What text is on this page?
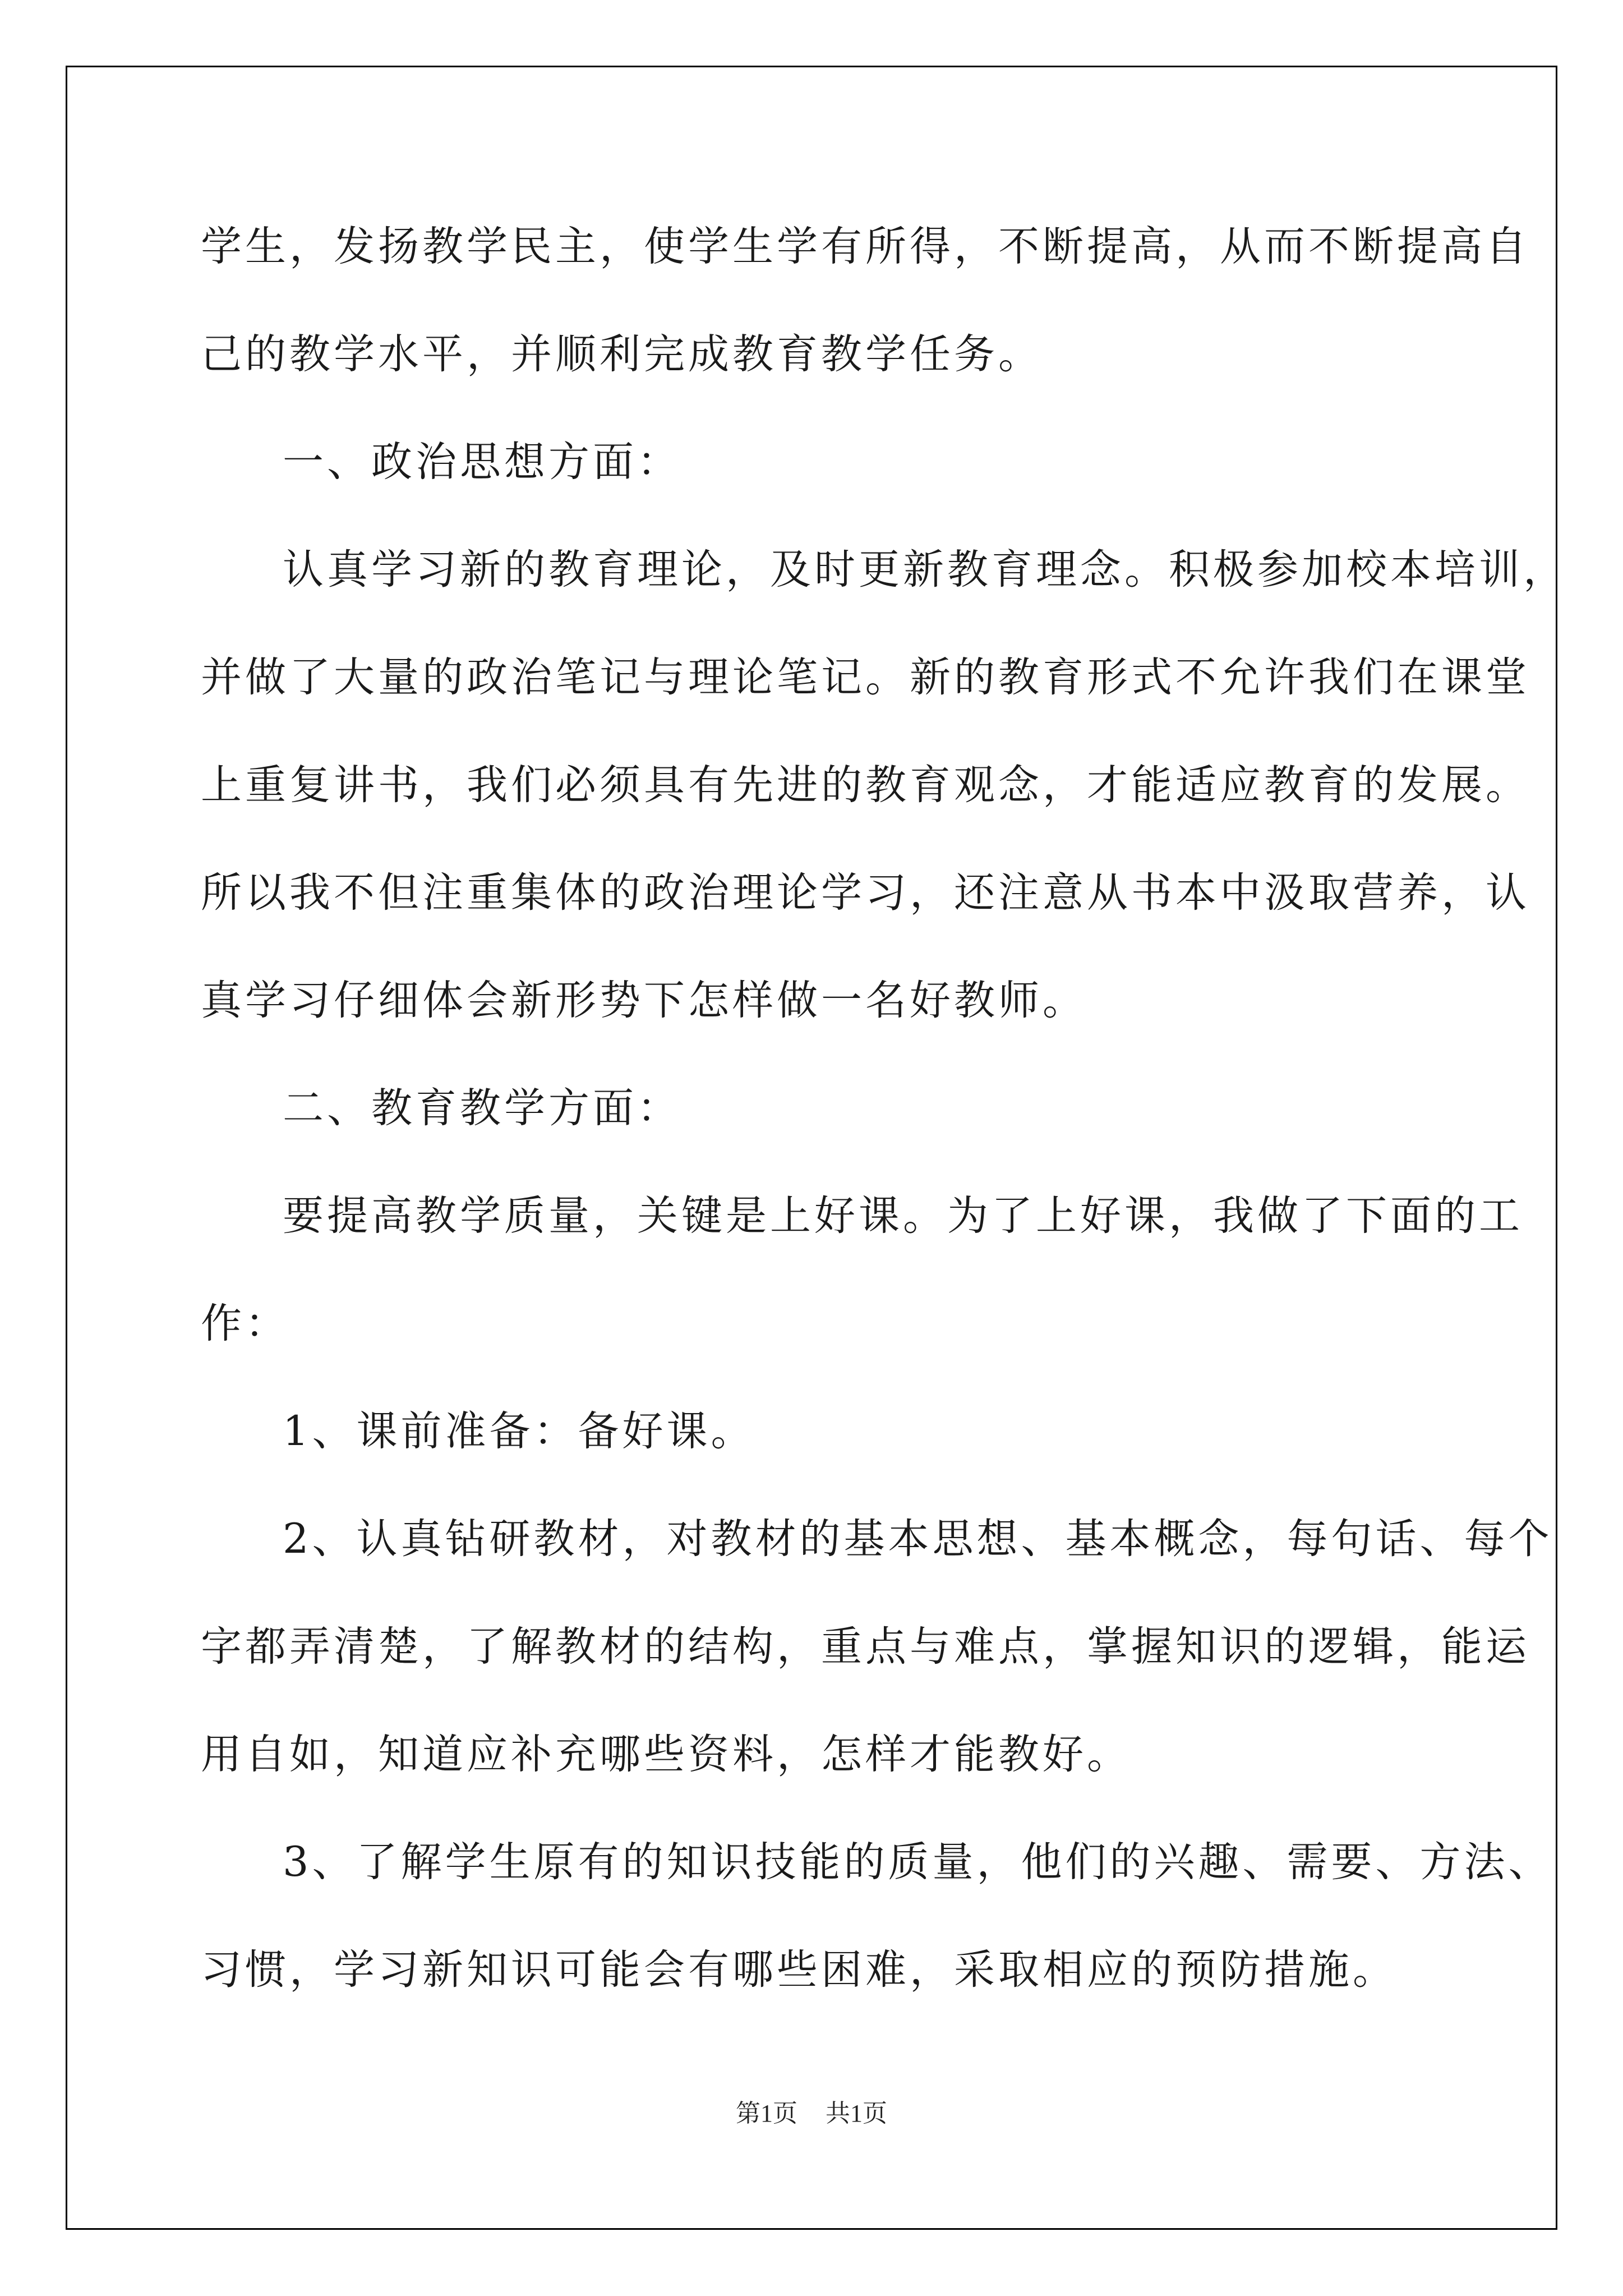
学生，发扬教学民主，使学生学有所得，不断提高，从而不断提高自
己的教学水平，并顺利完成教育教学任务。
一、政治思想方面：
认真学习新的教育理论，及时更新教育理念。积极参加校本培训，
并做了大量的政治笔记与理论笔记。新的教育形式不允许我们在课堂
上重复讲书，我们必须具有先进的教育观念，才能适应教育的发展。
所以我不但注重集体的政治理论学习，还注意从书本中汲取营养，认
真学习仔细体会新形势下怎样做一名好教师。
二、教育教学方面：
要提高教学质量，关键是上好课。为了上好课，我做了下面的工
作：
1、课前准备：备好课。
2、认真钻研教材，对教材的基本思想、基本概念，每句话、每个
字都弄清楚，了解教材的结构，重点与难点，掌握知识的逻辑，能运
用自如，知道应补充哪些资料，怎样才能教好。
3、了解学生原有的知识技能的质量，他们的兴趣、需要、方法、
习惯，学习新知识可能会有哪些困难，采取相应的预防措施。
第1页 共1页
